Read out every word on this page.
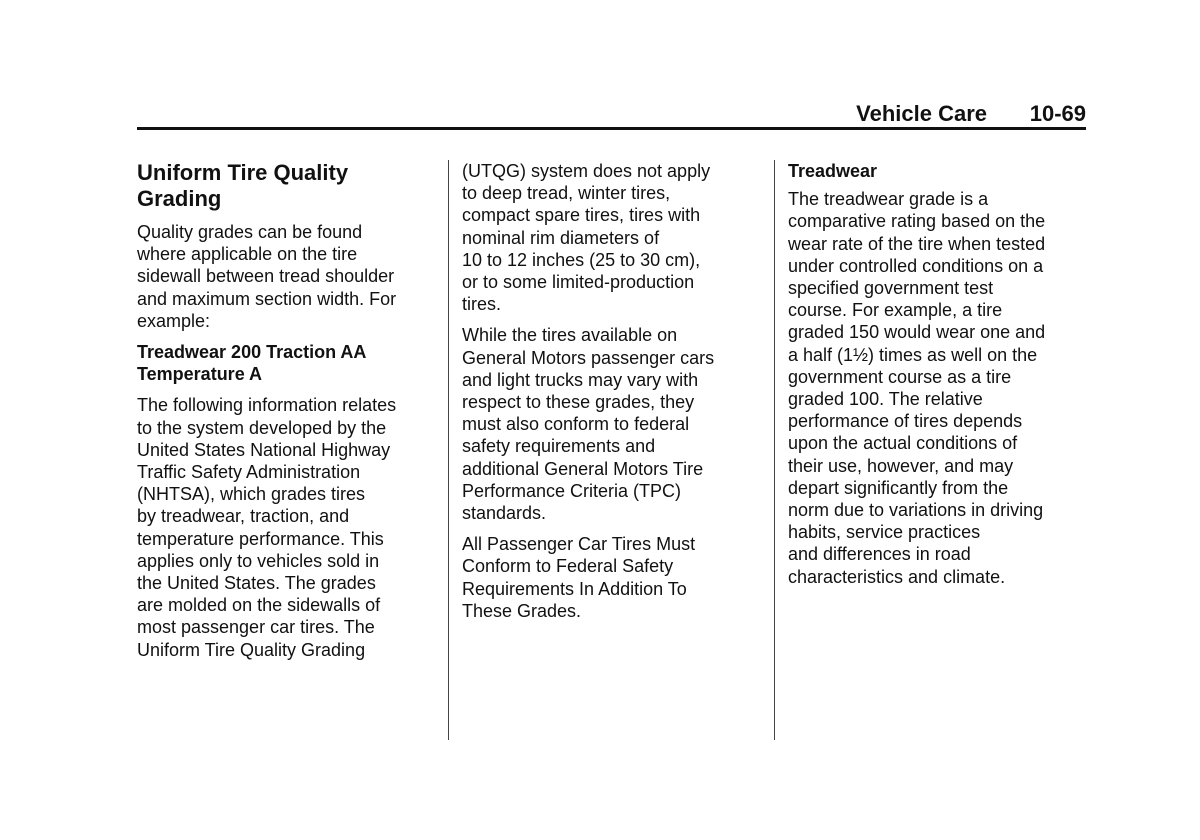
Vehicle Care 10-69
Uniform Tire Quality
Grading
Quality grades can be found
where applicable on the tire
sidewall between tread shoulder
and maximum section width. For
example:
Treadwear 200 Traction AA
Temperature A
The following information relates
to the system developed by the
United States National Highway
Traffic Safety Administration
(NHTSA), which grades tires
by treadwear, traction, and
temperature performance. This
applies only to vehicles sold in
the United States. The grades
are molded on the sidewalls of
most passenger car tires. The
Uniform Tire Quality Grading
(UTQG) system does not apply
to deep tread, winter tires,
compact spare tires, tires with
nominal rim diameters of
10 to 12 inches (25 to 30 cm),
or to some limited-production
tires.
While the tires available on
General Motors passenger cars
and light trucks may vary with
respect to these grades, they
must also conform to federal
safety requirements and
additional General Motors Tire
Performance Criteria (TPC)
standards.
All Passenger Car Tires Must
Conform to Federal Safety
Requirements In Addition To
These Grades.
Treadwear
The treadwear grade is a
comparative rating based on the
wear rate of the tire when tested
under controlled conditions on a
specified government test
course. For example, a tire
graded 150 would wear one and
a half (1½) times as well on the
government course as a tire
graded 100. The relative
performance of tires depends
upon the actual conditions of
their use, however, and may
depart significantly from the
norm due to variations in driving
habits, service practices
and differences in road
characteristics and climate.
